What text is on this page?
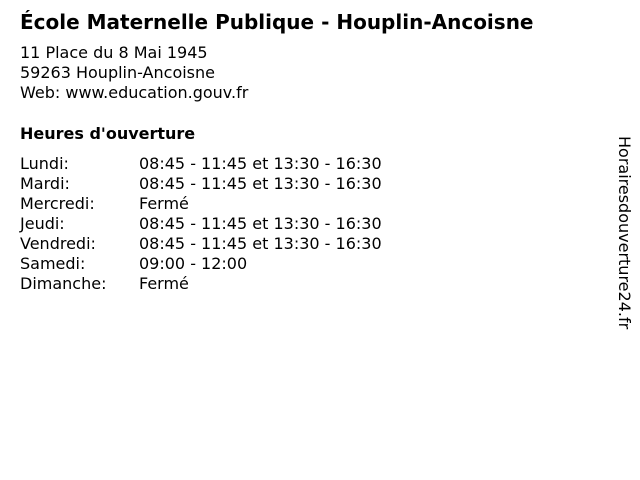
École Maternelle Publique - Houplin-Ancoisne
11 Place du 8 Mai 1945
59263 Houplin-Ancoisne
Web: www.education.gouv.fr
Heures d'ouverture
Lundi:	08:45 - 11:45 et 13:30 - 16:30
Mardi:	08:45 - 11:45 et 13:30 - 16:30
Mercredi:	Fermé
Jeudi:	08:45 - 11:45 et 13:30 - 16:30
Vendredi:	08:45 - 11:45 et 13:30 - 16:30
Samedi:	09:00 - 12:00
Dimanche:	Fermé	Horairesdouverture24.fr
